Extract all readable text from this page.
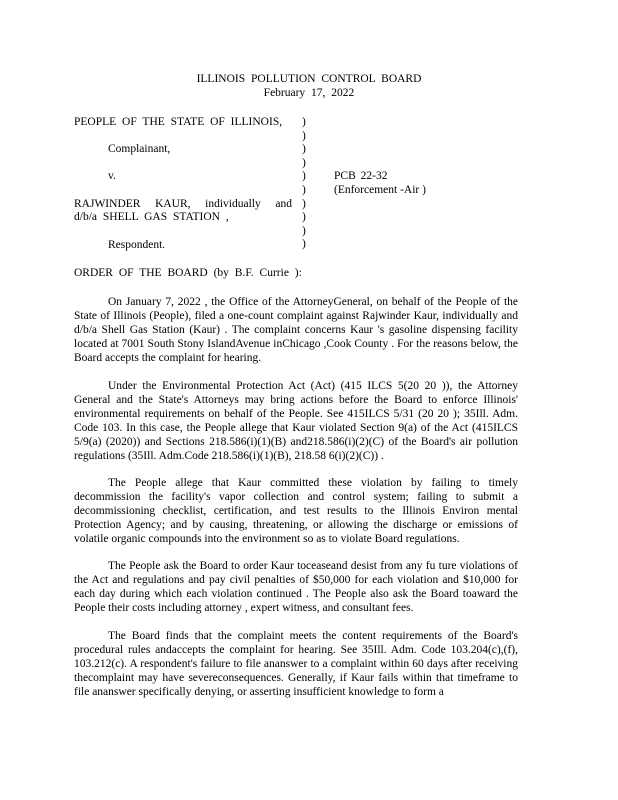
ILLINOIS POLLUTION CONTROL BOARD
February 17, 2022
PEOPLE OF THE STATE OF ILLINOIS,
Complainant,
v.
RAJWINDER KAUR, individually and d/b/a SHELL GAS STATION ,
Respondent.
PCB 22-32
(Enforcement -Air )
)
)
)
)
)
)
)
)
)
)
ORDER OF THE BOARD (by B.F. Currie ):

On January 7, 2022 , the Office of the AttorneyGeneral, on behalf of the People of the State of Illinois (People), filed a one-count complaint against Rajwinder Kaur, individually and d/b/a Shell Gas Station (Kaur) . The complaint concerns Kaur 's gasoline dispensing facility located at 7001 South Stony IslandAvenue inChicago ,Cook County . For the reasons below, the Board accepts the complaint for hearing.

Under the Environmental Protection Act (Act) (415 ILCS 5(20 20 )), the Attorney General and the State's Attorneys may bring actions before the Board to enforce Illinois' environmental requirements on behalf of the People. See 415ILCS 5/31 (20 20 ); 35Ill. Adm. Code 103. In this case, the People allege that Kaur violated Section 9(a) of the Act (415ILCS 5/9(a) (2020)) and Sections 218.586(i)(1)(B) and218.586(i)(2)(C) of the Board's air pollution regulations (35Ill. Adm.Code 218.586(i)(1)(B), 218.58 6(i)(2)(C)) .

The People allege that Kaur committed these violation by failing to timely decommission the facility's vapor collection and control system; failing to submit a decommissioning checklist, certification, and test results to the Illinois Environ mental Protection Agency; and by causing, threatening, or allowing the discharge or emissions of volatile organic compounds into the environment so as to violate Board regulations.

The People ask the Board to order Kaur toceaseand desist from any fu ture violations of the Act and regulations and pay civil penalties of $50,000 for each violation and $10,000 for each day during which each violation continued . The People also ask the Board toaward the People their costs including attorney , expert witness, and consultant fees.

The Board finds that the complaint meets the content requirements of the Board's procedural rules andaccepts the complaint for hearing. See 35Ill. Adm. Code 103.204(c),(f), 103.212(c). A respondent's failure to file ananswer to a complaint within 60 days after receiving thecomplaint may have severeconsequences. Generally, if Kaur fails within that timeframe to file ananswer specifically denying, or asserting insufficient knowledge to form a
